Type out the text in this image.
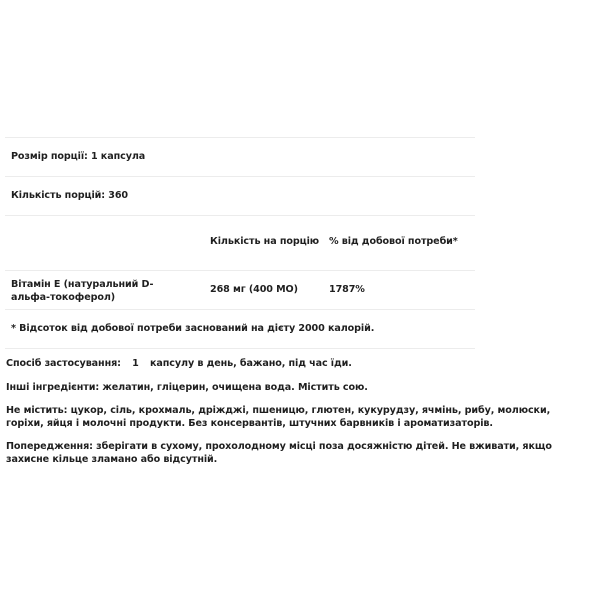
Розмір порції: 1 капсула
Кількість порцій: 360
Кількість на порцію % від добової потреби*
Вітамін Е (натуральний D-альфа-токоферол)
268 мг (400 МО)	1787%
* Відсоток від добової потреби заснований на дієту 2000 калорій.

Спосіб застосування: 1 капсулу в день, бажано, під час їди.

Інші інгредієнти: желатин, гліцерин, очищена вода. Містить сою.

Не містить: цукор, сіль, крохмаль, дріжджі, пшеницю, глютен, кукурудзу, ячмінь, рибу, молюски, горіхи, яйця і молочні продукти. Без консервантів, штучних барвників і ароматизаторів.

Попередження: зберігати в сухому, прохолодному місці поза досяжністю дітей. Не вживати, якщо захисне кільце зламано або відсутній.
